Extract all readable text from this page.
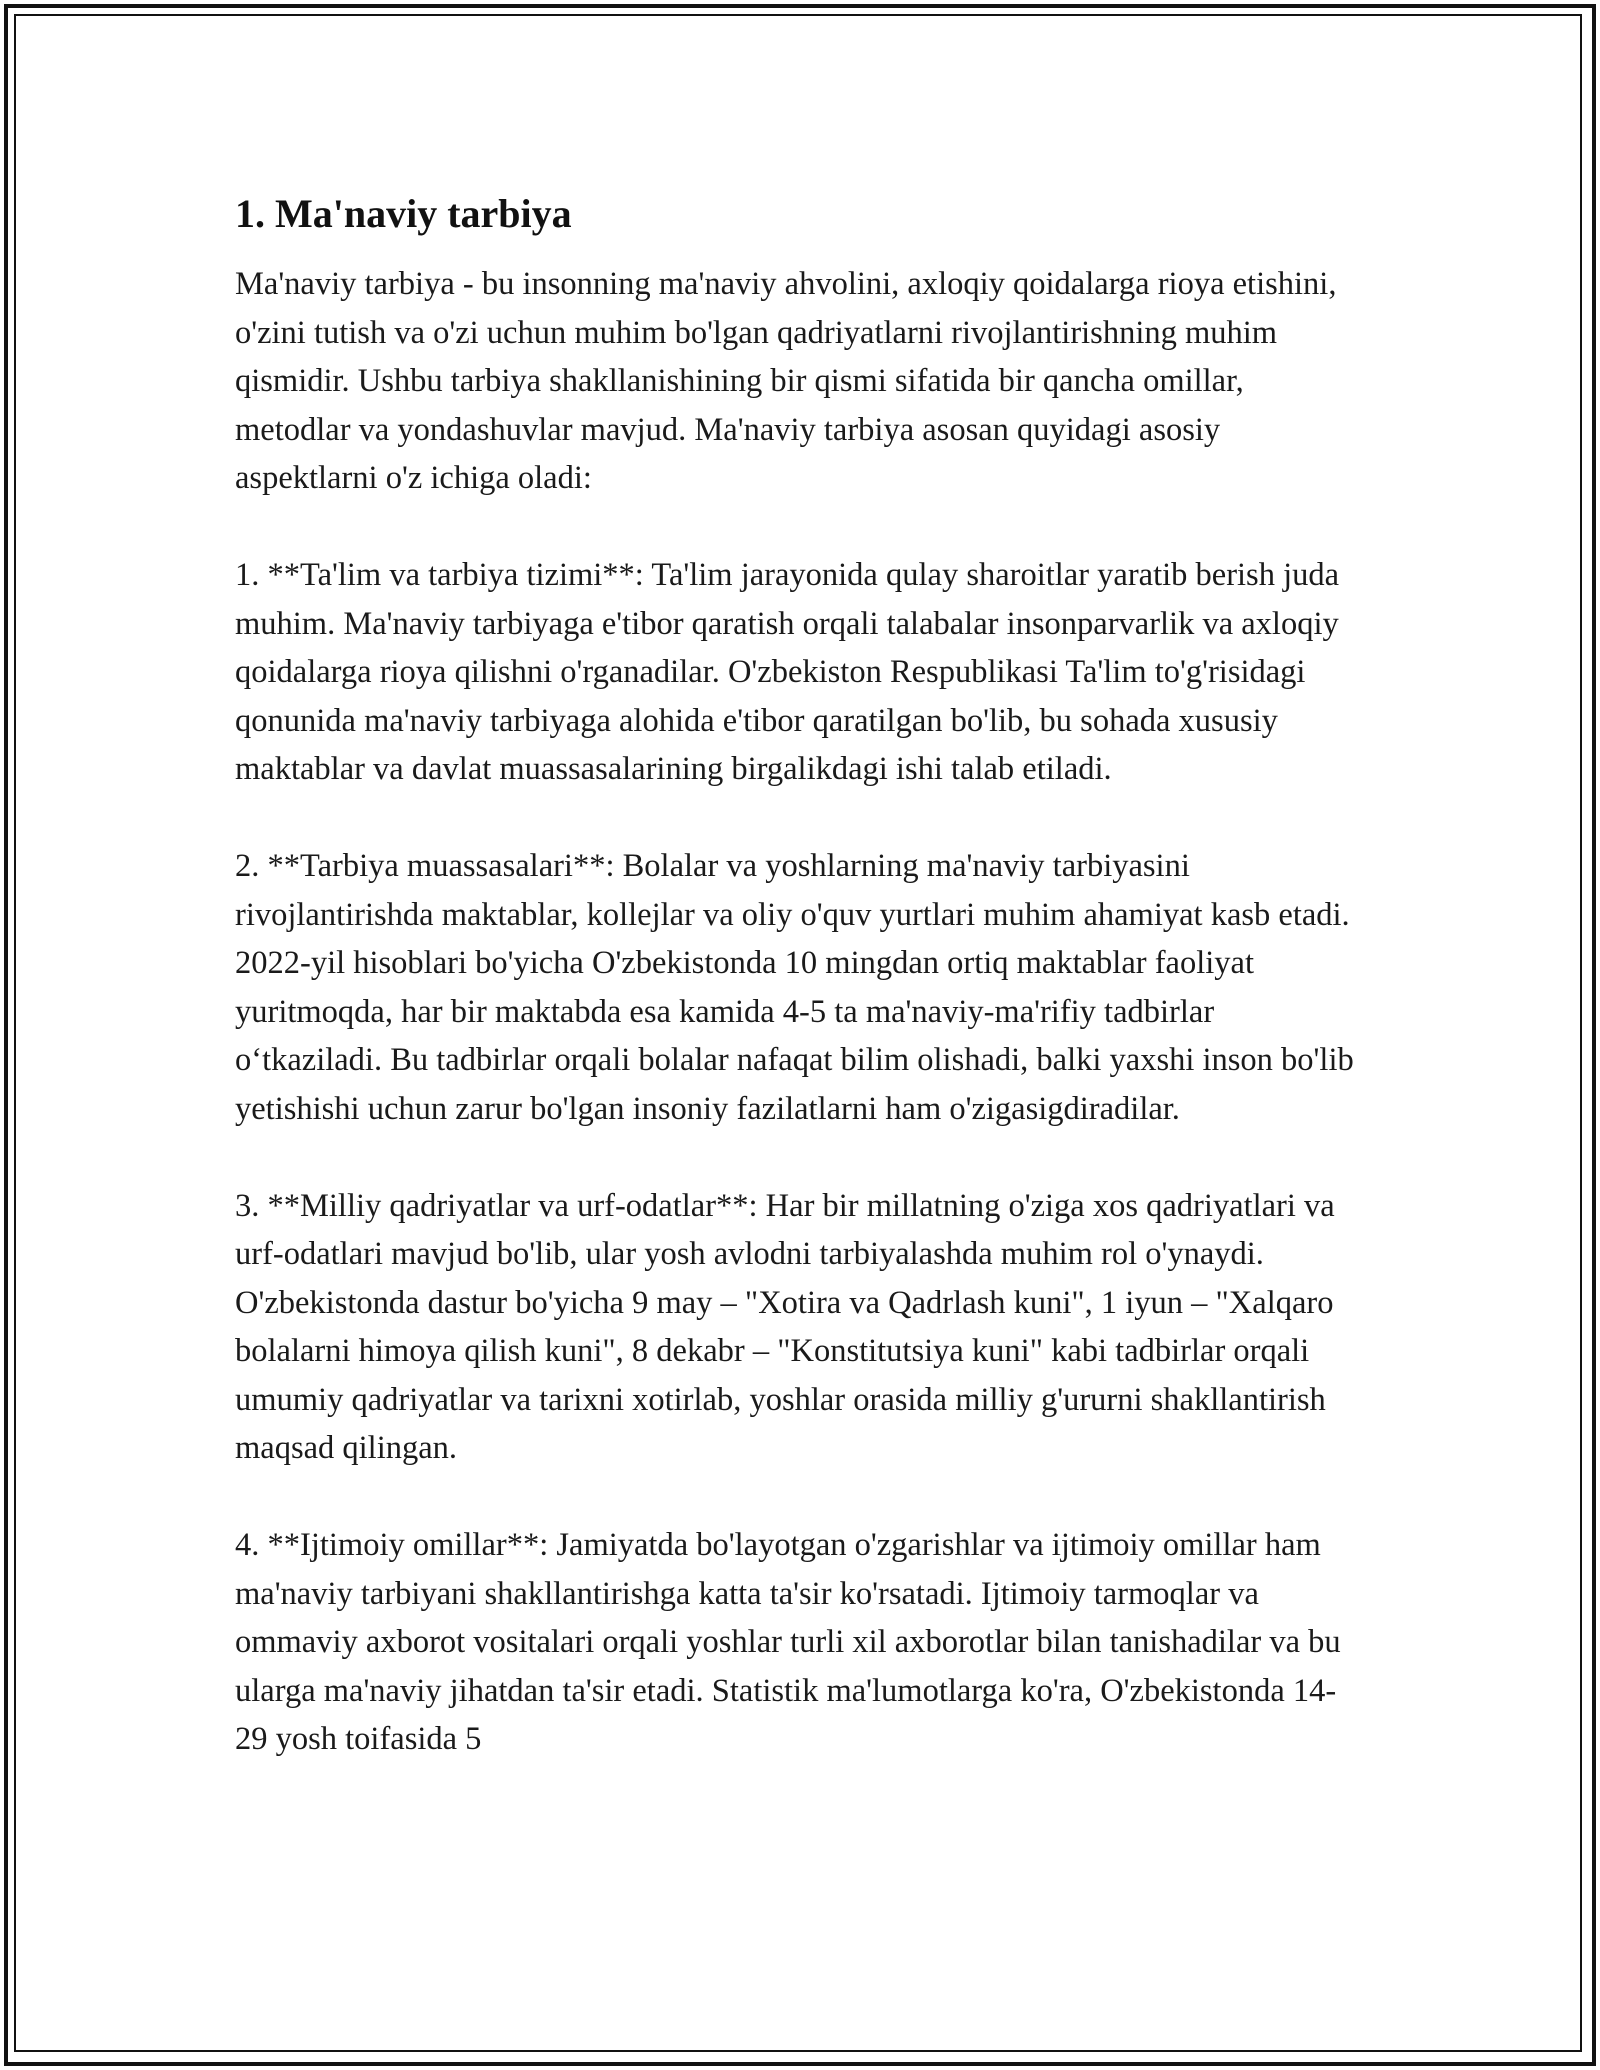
1. Ma'naviy tarbiya

Ma'naviy tarbiya - bu insonning ma'naviy ahvolini, axloqiy qoidalarga rioya etishini, o'zini tutish va o'zi uchun muhim bo'lgan qadriyatlarni rivojlantirishning muhim qismidir. Ushbu tarbiya shakllanishining bir qismi sifatida bir qancha omillar, metodlar va yondashuvlar mavjud. Ma'naviy tarbiya asosan quyidagi asosiy aspektlarni o'z ichiga oladi:

1. **Ta'lim va tarbiya tizimi**: Ta'lim jarayonida qulay sharoitlar yaratib berish juda muhim. Ma'naviy tarbiyaga e'tibor qaratish orqali talabalar insonparvarlik va axloqiy qoidalarga rioya qilishni o'rganadilar. O'zbekiston Respublikasi Ta'lim to'g'risidagi qonunida ma'naviy tarbiyaga alohida e'tibor qaratilgan bo'lib, bu sohada xususiy maktablar va davlat muassasalarining birgalikdagi ishi talab etiladi.

2. **Tarbiya muassasalari**: Bolalar va yoshlarning ma'naviy tarbiyasini rivojlantirishda maktablar, kollejlar va oliy o'quv yurtlari muhim ahamiyat kasb etadi. 2022-yil hisoblari bo'yicha O'zbekistonda 10 mingdan ortiq maktablar faoliyat yuritmoqda, har bir maktabda esa kamida 4-5 ta ma'naviy-ma'rifiy tadbirlar o‘tkaziladi. Bu tadbirlar orqali bolalar nafaqat bilim olishadi, balki yaxshi inson bo'lib yetishishi uchun zarur bo'lgan insoniy fazilatlarni ham o'zigasigdiradilar.

3. **Milliy qadriyatlar va urf-odatlar**: Har bir millatning o'ziga xos qadriyatlari va urf-odatlari mavjud bo'lib, ular yosh avlodni tarbiyalashda muhim rol o'ynaydi. O'zbekistonda dastur bo'yicha 9 may – "Xotira va Qadrlash kuni", 1 iyun – "Xalqaro bolalarni himoya qilish kuni", 8 dekabr – "Konstitutsiya kuni" kabi tadbirlar orqali umumiy qadriyatlar va tarixni xotirlab, yoshlar orasida milliy g'ururni shakllantirish maqsad qilingan.

4. **Ijtimoiy omillar**: Jamiyatda bo'layotgan o'zgarishlar va ijtimoiy omillar ham ma'naviy tarbiyani shakllantirishga katta ta'sir ko'rsatadi. Ijtimoiy tarmoqlar va ommaviy axborot vositalari orqali yoshlar turli xil axborotlar bilan tanishadilar va bu ularga ma'naviy jihatdan ta'sir etadi. Statistik ma'lumotlarga ko'ra, O'zbekistonda 14-29 yosh toifasida 5
